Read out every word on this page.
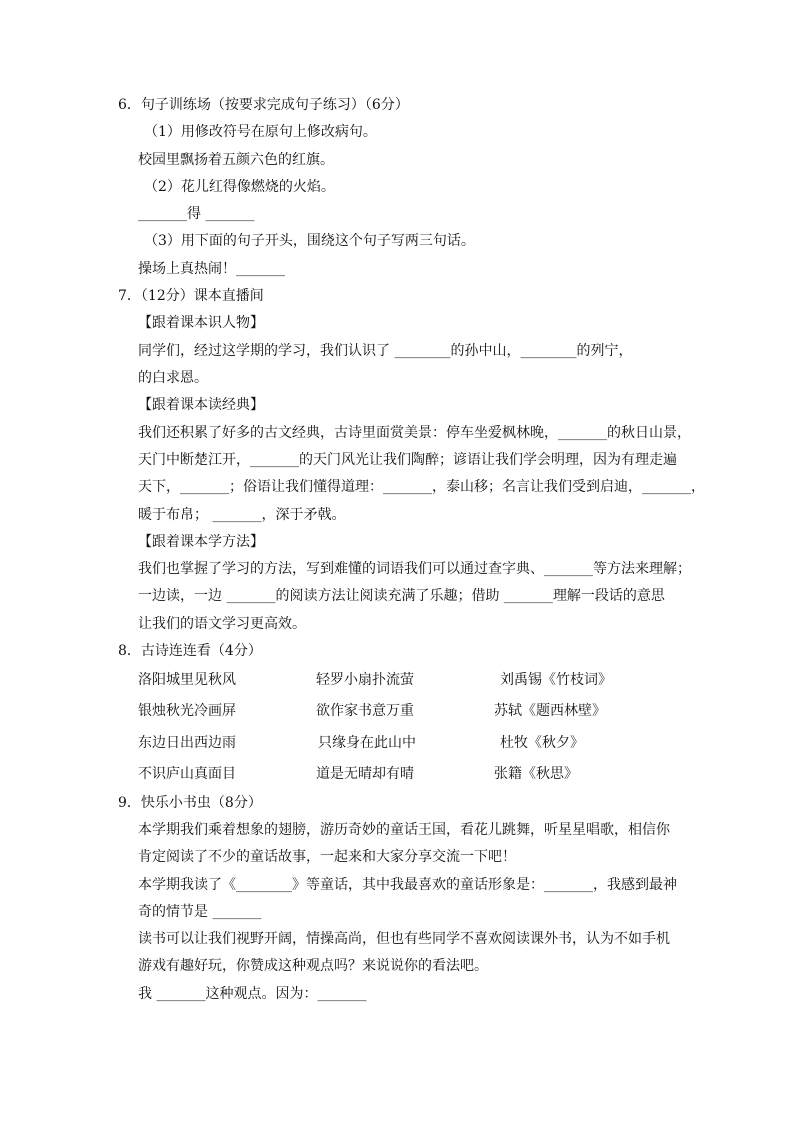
6．句子训练场（按要求完成句子练习）（6分）
（1）用修改符号在原句上修改病句。
校园里飘扬着五颜六色的红旗。
（2）花儿红得像燃烧的火焰。
_______得 _______
（3）用下面的句子开头，围绕这个句子写两三句话。
操场上真热闹！_______
7．（12分）课本直播间
【跟着课本识人物】
同学们，经过这学期的学习，我们认识了 ________的孙中山，________的列宁，
的白求恩。
【跟着课本读经典】
我们还积累了好多的古文经典，古诗里面赏美景：停车坐爱枫林晚，_______的秋日山景，
天门中断楚江开，_______的天门风光让我们陶醉；谚语让我们学会明理，因为有理走遍
天下，_______；俗语让我们懂得道理：_______，泰山移；名言让我们受到启迪，_______，
暖于布帛； _______，深于矛戟。
【跟着课本学方法】
我们也掌握了学习的方法，写到难懂的词语我们可以通过查字典、_______等方法来理解；
一边读，一边 _______的阅读方法让阅读充满了乐趣；借助 _______理解一段话的意思
让我们的语文学习更高效。
8．古诗连连看（4分）
洛阳城里见秋风	轻罗小扇扑流萤	刘禹锡《竹枝词》
银烛秋光冷画屏	欲作家书意万重	苏轼《题西林壁》
东边日出西边雨	只缘身在此山中	杜牧《秋夕》
不识庐山真面目	道是无晴却有晴	张籍《秋思》
9．快乐小书虫（8分）
本学期我们乘着想象的翅膀，游历奇妙的童话王国，看花儿跳舞，听星星唱歌，相信你
肯定阅读了不少的童话故事，一起来和大家分享交流一下吧！
本学期我读了《________》等童话，其中我最喜欢的童话形象是：_______，我感到最神
奇的情节是 _______
读书可以让我们视野开阔，情操高尚，但也有些同学不喜欢阅读课外书，认为不如手机
游戏有趣好玩，你赞成这种观点吗？来说说你的看法吧。
我 _______这种观点。因为：_______
